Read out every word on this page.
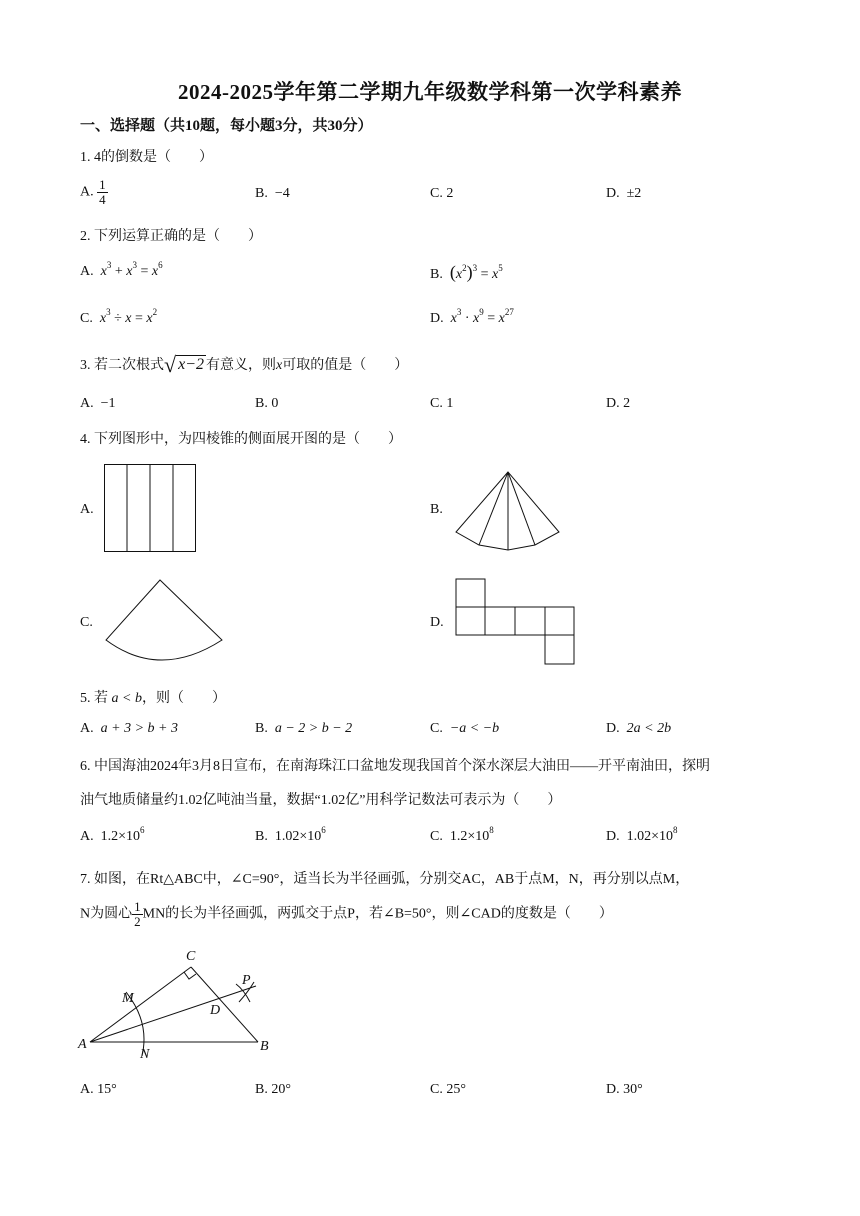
2024-2025学年第二学期九年级数学科第一次学科素养
一、选择题（共10题，每小题3分，共30分）
1. 4的倒数是（　　）
A. $\frac{1}{4}$	B. −4	C. 2	D. ±2
2. 下列运算正确的是（　　）
A. $x^3 + x^3 = x^6$
B. $(x^2)^3 = x^5$
C. $x^3 \div x = x^2$	D. $x^3 \cdot x^9 = x^{27}$
3. 若二次根式√ x−2 有意义，则x可取的值是（　　）
A. −1	B. 0	C. 1	D. 2
4. 下列图形中，为四棱锥的侧面展开图的是（　　）
A.	B.
C.	D.
5. 若 a < b，则（　　）
A. a + 3 > b + 3	B. a − 2 > b − 2	C. −a < −b	D. 2a < 2b
6. 中国海油2024年3月8日宣布，在南海珠江口盆地发现我国首个深水深层大油田——开平南油田，探明
油气地质储量约1.02亿吨油当量，数据“1.02亿”用科学记数法可表示为（　　）
A. $1.2\times 10^6$	B. $1.02\times 10^6$	C. $1.2\times 10^8$	D. $1.02\times 10^8$
7. 如图，在Rt△ABC中，∠C=90°，适当长为半径画弧，分别交AC，AB于点M，N，再分别以点M，
N为圆心 $\frac{1}{2}$ MN的长为半径画弧，两弧交于点P，若∠B=50°，则∠CAD的度数是（　　）
A	B
C
D
M
N
P
A. 15°	B. 20°	C. 25°	D. 30°
